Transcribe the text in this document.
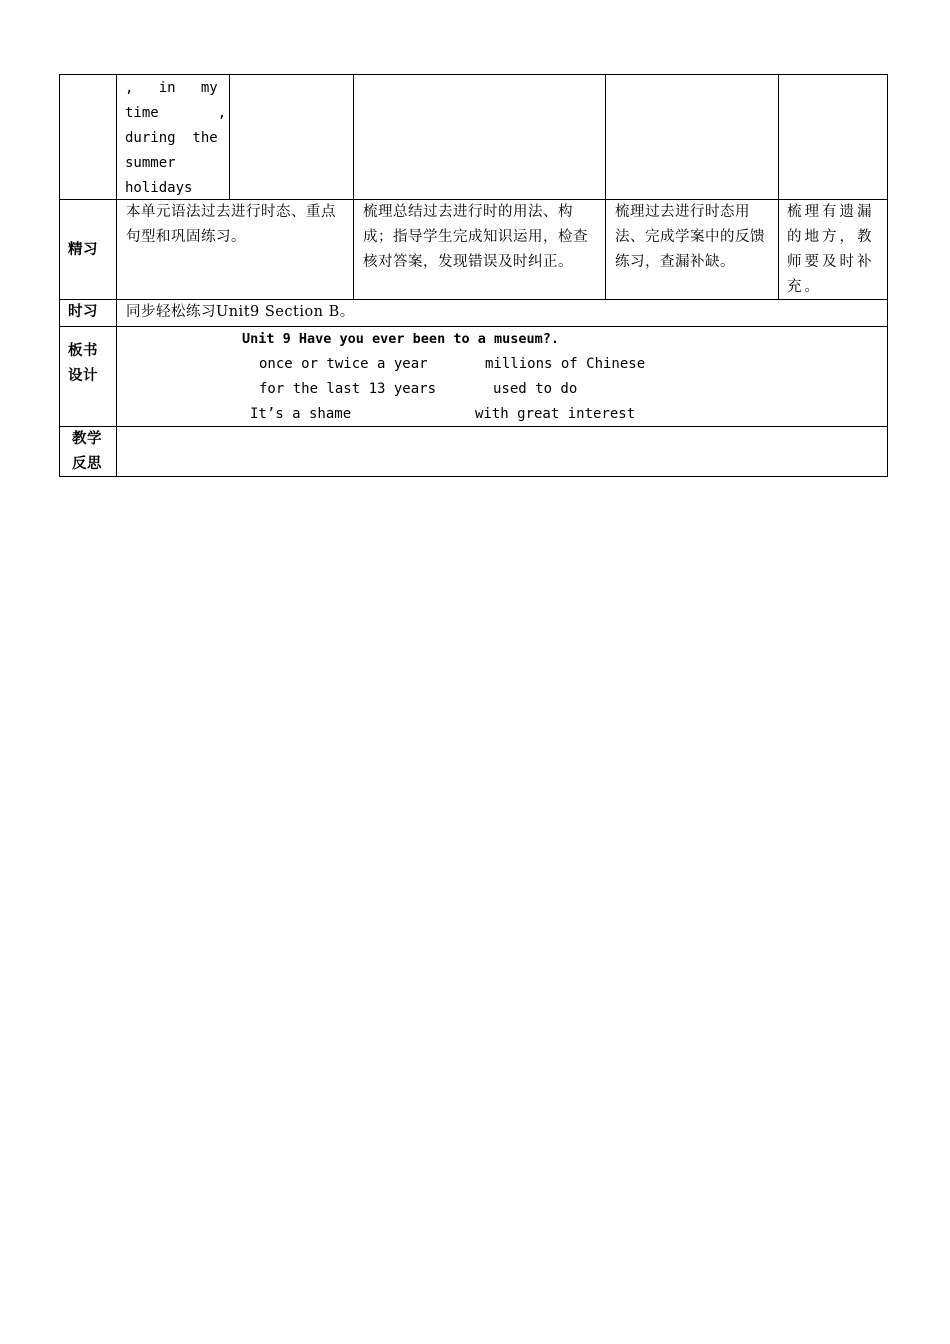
,   in   my
time       ,
during  the
summer
holidays
精习
本单元语法过去进行时态、重点句型和巩固练习。
梳理总结过去进行时的用法、构成；指导学生完成知识运用，检查核对答案，发现错误及时纠正。
梳理过去进行时态用法、完成学案中的反馈练习，查漏补缺。
梳理有遗漏的地方，教师要及时补充。
时习 同步轻松练习Unit9 Section B。
板书
设计
Unit 9 Have you ever been to a museum?.
once or twice a year
for the last 13 years
It’s a shame
millions of Chinese
used to do
with great interest
教学
反思
